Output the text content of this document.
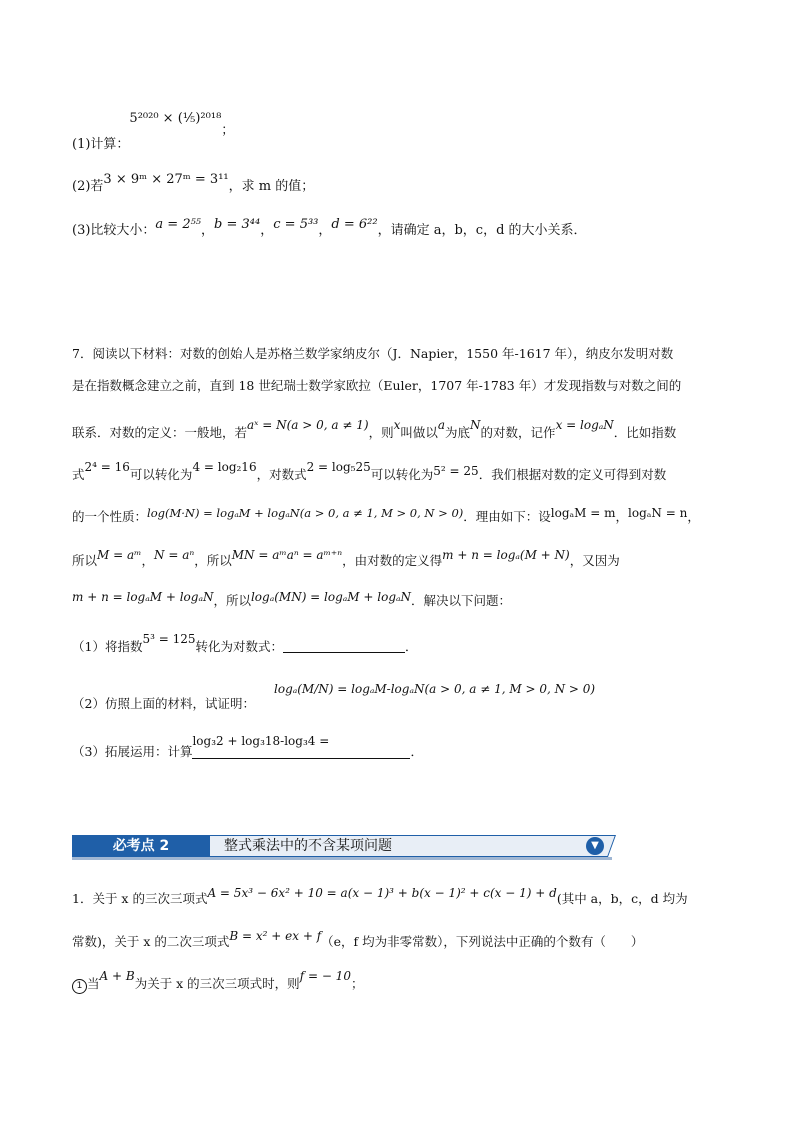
(1)计算：5²⁰²⁰ × (¹⁄₅)²⁰¹⁸；
(2)若3 × 9ᵐ × 27ᵐ = 3¹¹，求 m 的值；
(3)比较大小：a = 2⁵⁵，b = 3⁴⁴，c = 5³³，d = 6²²，请确定 a，b，c，d 的大小关系．
7．阅读以下材料：对数的创始人是苏格兰数学家纳皮尔（J．Napier，1550 年-1617 年），纳皮尔发明对数
是在指数概念建立之前，直到 18 世纪瑞士数学家欧拉（Euler，1707 年-1783 年）才发现指数与对数之间的
联系．对数的定义：一般地，若aˣ = N(a > 0, a ≠ 1)，则x叫做以a为底N的对数，记作x = logₐN．比如指数
式2⁴ = 16可以转化为4 = log₂16，对数式2 = log₅25可以转化为5² = 25．我们根据对数的定义可得到对数
的一个性质：log(M·N) = logₐM + logₐN(a > 0, a ≠ 1, M > 0, N > 0)．理由如下：设logₐM = m，logₐN = n，
所以M = aᵐ，N = aⁿ，所以MN = aᵐaⁿ = aᵐ⁺ⁿ，由对数的定义得m + n = logₐ(M + N)，又因为
m + n = logₐM + logₐN，所以logₐ(MN) = logₐM + logₐN．解决以下问题：
（1）将指数5³ = 125转化为对数式：	．
logₐ(M/N) = logₐM-logₐN(a > 0, a ≠ 1, M > 0, N > 0)
（2）仿照上面的材料，试证明：
（3）拓展运用：计算
log₃2 + log₃18-log₃4 =
．
必考点 2	整式乘法中的不含某项问题	▼
1．关于 x 的三次三项式A = 5x³ − 6x² + 10 = a(x − 1)³ + b(x − 1)² + c(x − 1) + d(其中 a，b，c，d 均为
常数)，关于 x 的二次三项式B = x² + ex + f（e，f 均为非零常数），下列说法中正确的个数有（　　）
1 当A + B为关于 x 的三次三项式时，则f = − 10；
